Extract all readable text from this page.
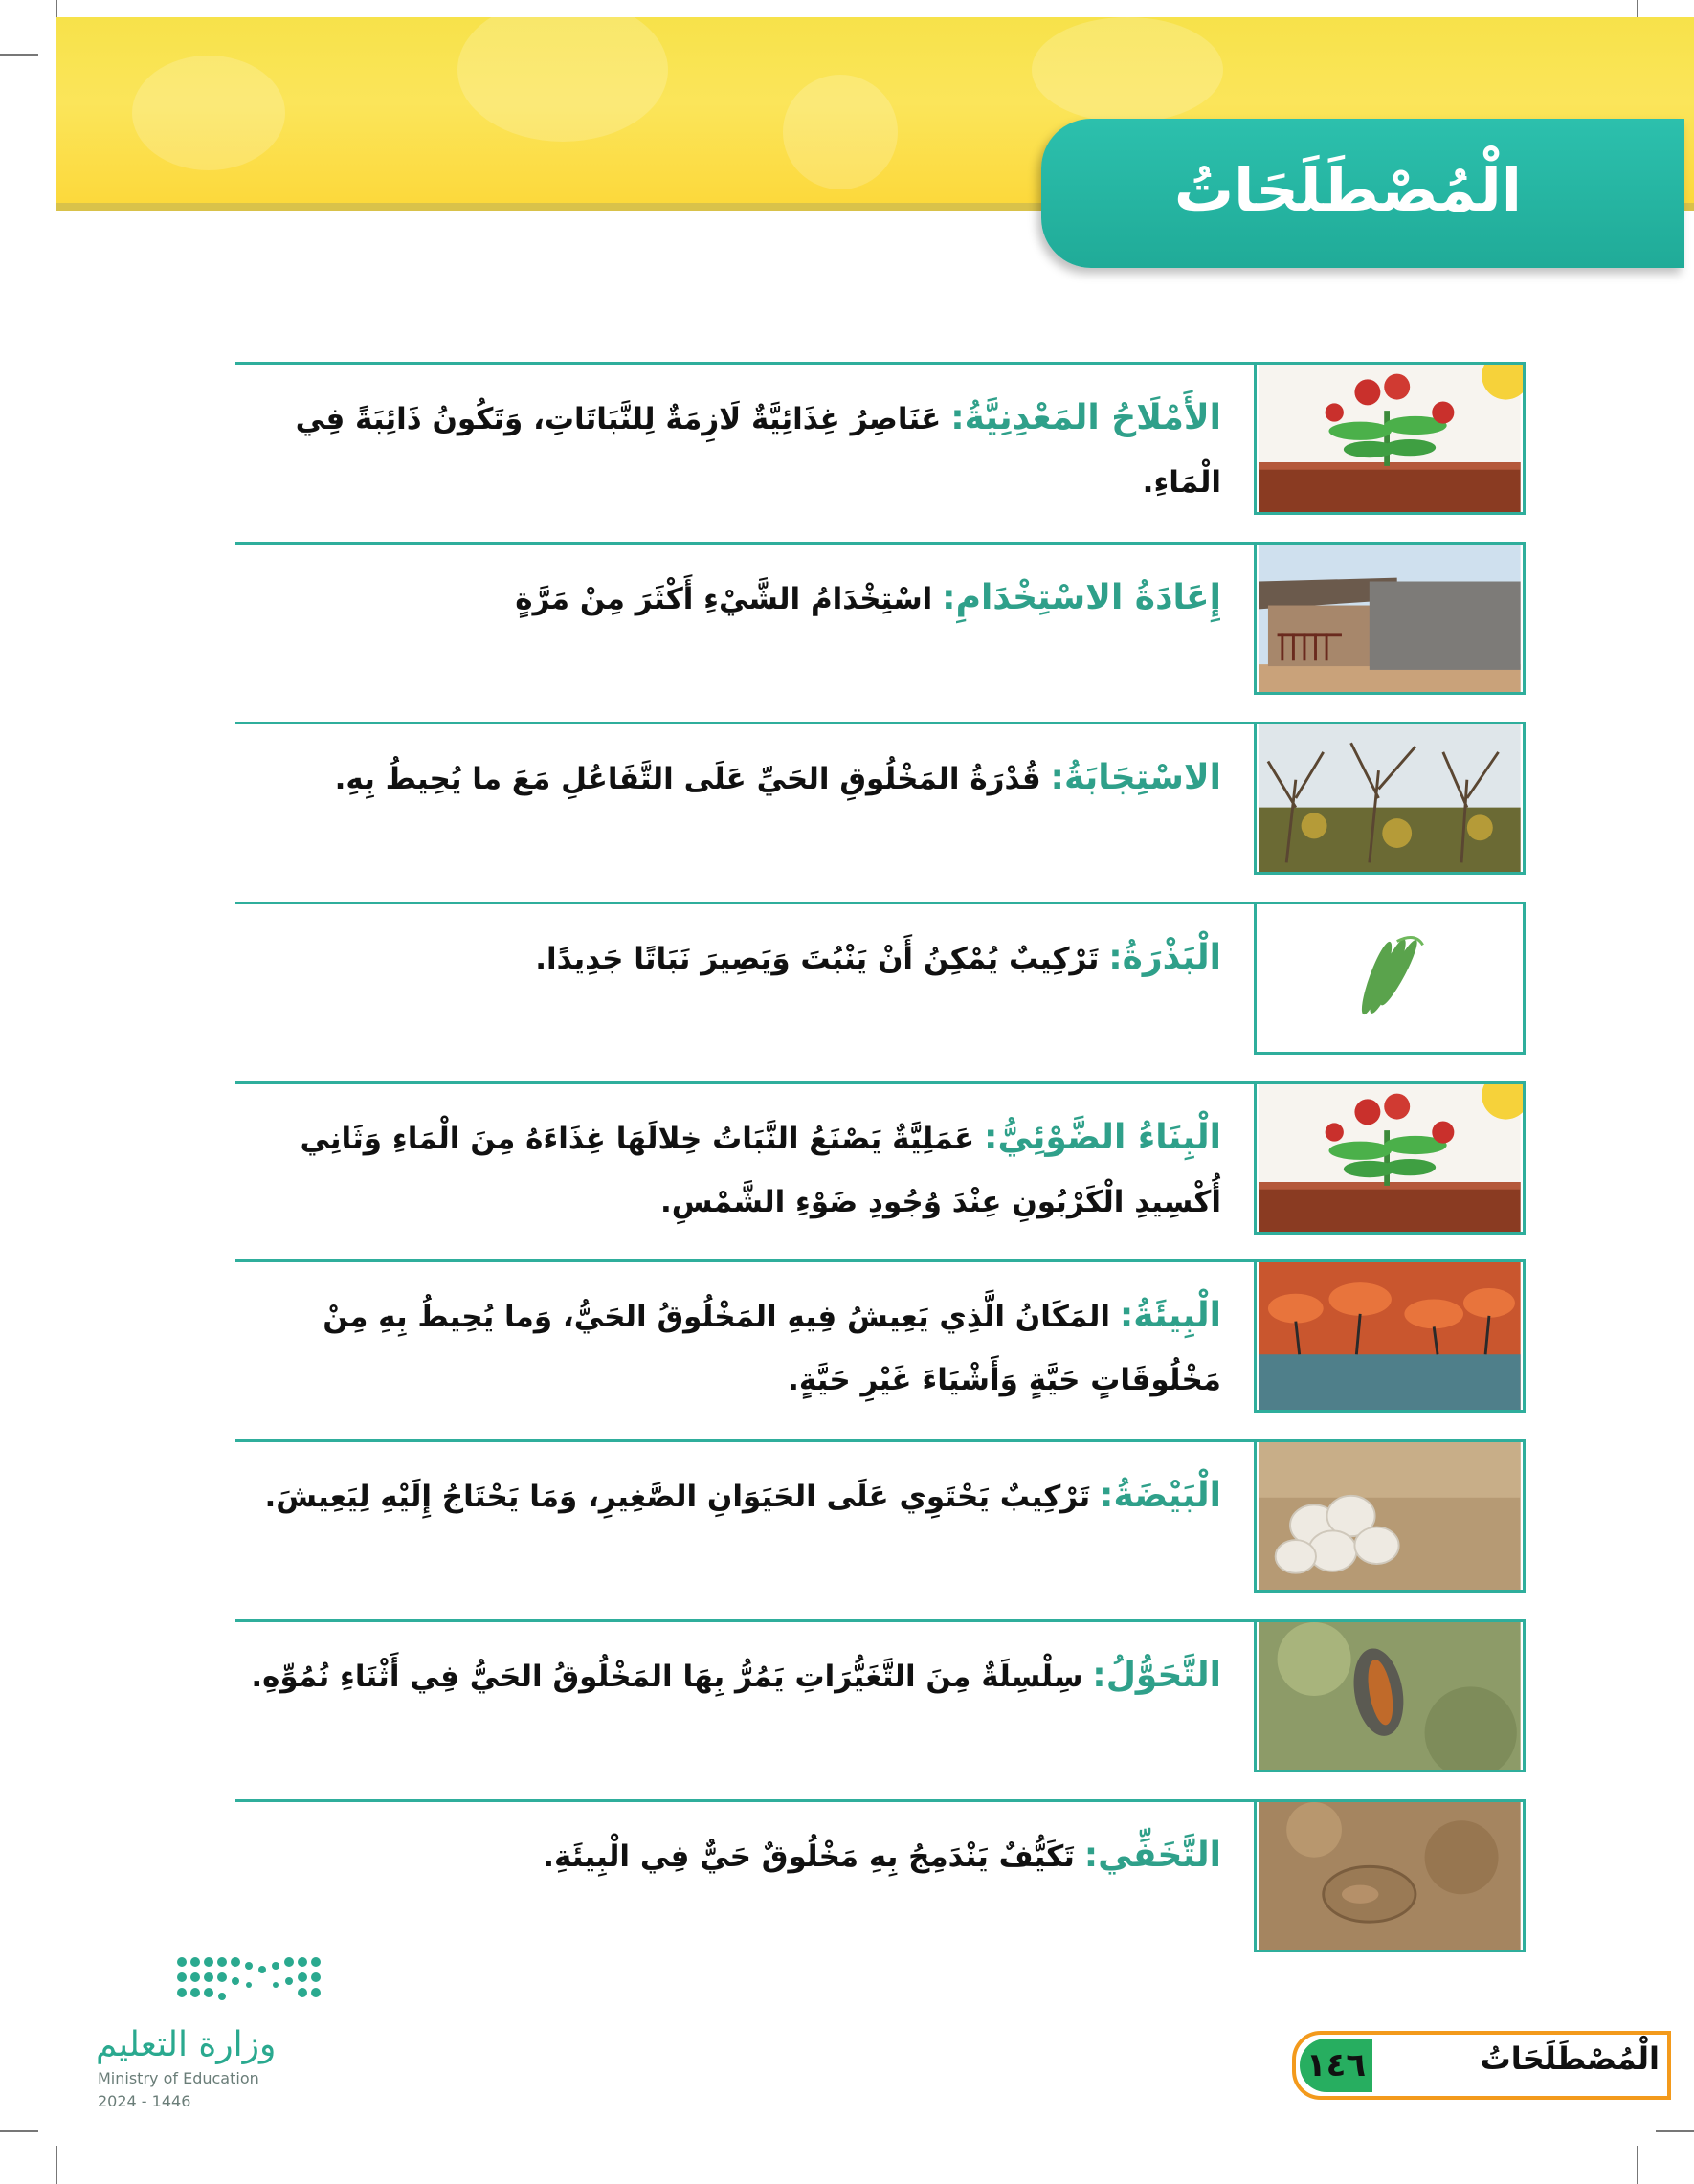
الْمُصْطَلَحَاتُ
الأَمْلَاحُ المَعْدِنِيَّةُ: عَنَاصِرُ غِذَائِيَّةٌ لَازِمَةٌ لِلنَّبَاتَاتِ، وَتَكُونُ ذَائِبَةً فِي الْمَاءِ.
إِعَادَةُ الاسْتِخْدَامِ: اسْتِخْدَامُ الشَّيْءِ أَكْثَرَ مِنْ مَرَّةٍ
الاسْتِجَابَةُ: قُدْرَةُ المَخْلُوقِ الحَيِّ عَلَى التَّفَاعُلِ مَعَ ما يُحِيطُ بِهِ.
الْبَذْرَةُ: تَرْكِيبٌ يُمْكِنُ أَنْ يَنْبُتَ وَيَصِيرَ نَبَاتًا جَدِيدًا.
الْبِنَاءُ الضَّوْئِيُّ: عَمَلِيَّةٌ يَصْنَعُ النَّبَاتُ خِلالَهَا غِذَاءَهُ مِنَ الْمَاءِ وَثَانِي أُكْسِيدِ الْكَرْبُونِ عِنْدَ وُجُودِ ضَوْءِ الشَّمْسِ.
الْبِيئَةُ: المَكَانُ الَّذِي يَعِيشُ فِيهِ المَخْلُوقُ الحَيُّ، وَما يُحِيطُ بِهِ مِنْ مَخْلُوقَاتٍ حَيَّةٍ وَأَشْيَاءَ غَيْرِ حَيَّةٍ.
الْبَيْضَةُ: تَرْكِيبٌ يَحْتَوِي عَلَى الحَيَوَانِ الصَّغِيرِ، وَمَا يَحْتَاجُ إِلَيْهِ لِيَعِيشَ.
التَّحَوُّلُ: سِلْسِلَةٌ مِنَ التَّغَيُّرَاتِ يَمُرُّ بِهَا المَخْلُوقُ الحَيُّ فِي أَثْنَاءِ نُمُوِّهِ.
التَّخَفِّي: تَكَيُّفٌ يَنْدَمِجُ بِهِ مَخْلُوقٌ حَيٌّ فِي الْبِيئَةِ.
وزارة التعليم
Ministry of Education
2024 - 1446
الْمُصْطَلَحَاتُ
١٤٦
